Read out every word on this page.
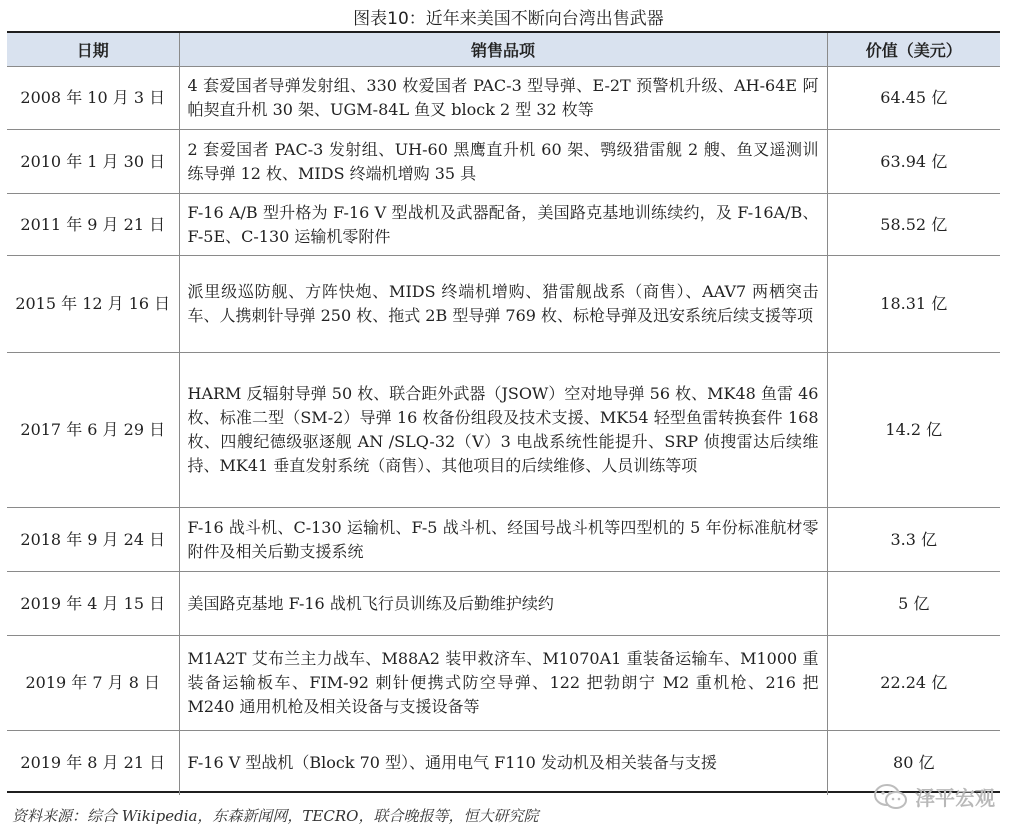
图表10：近年来美国不断向台湾出售武器
日期	销售品项	价值（美元）
2008 年 10 月 3 日	4 套爱国者导弹发射组、330 枚爱国者 PAC-3 型导弹、E-2T 预警机升级、AH-64E 阿帕契直升机 30 架、UGM-84L 鱼叉 block 2 型 32 枚等	64.45 亿
2010 年 1 月 30 日	2 套爱国者 PAC-3 发射组、UH-60 黑鹰直升机 60 架、鹗级猎雷舰 2 艘、鱼叉遥测训练导弹 12 枚、MIDS 终端机增购 35 具	63.94 亿
2011 年 9 月 21 日	F-16 A/B 型升格为 F-16 V 型战机及武器配备，美国路克基地训练续约，及 F-16A/B、F-5E、C-130 运输机零附件	58.52 亿
2015 年 12 月 16 日	派里级巡防舰、方阵快炮、MIDS 终端机增购、猎雷舰战系（商售）、AAV7 两栖突击车、人携刺针导弹 250 枚、拖式 2B 型导弹 769 枚、标枪导弹及迅安系统后续支援等项	18.31 亿
2017 年 6 月 29 日	HARM 反辐射导弹 50 枚、联合距外武器（JSOW）空对地导弹 56 枚、MK48 鱼雷 46 枚、标准二型（SM-2）导弹 16 枚备份组段及技术支援、MK54 轻型鱼雷转换套件 168 枚、四艘纪德级驱逐舰 AN /SLQ-32（V）3 电战系统性能提升、SRP 侦搜雷达后续维持、MK41 垂直发射系统（商售）、其他项目的后续维修、人员训练等项	14.2 亿
2018 年 9 月 24 日	F-16 战斗机、C-130 运输机、F-5 战斗机、经国号战斗机等四型机的 5 年份标准航材零附件及相关后勤支援系统	3.3 亿
2019 年 4 月 15 日	美国路克基地 F-16 战机飞行员训练及后勤维护续约	5 亿
2019 年 7 月 8 日	M1A2T 艾布兰主力战车、M88A2 装甲救济车、M1070A1 重装备运输车、M1000 重装备运输板车、FIM-92 刺针便携式防空导弹、122 把勃朗宁 M2 重机枪、216 把 M240 通用机枪及相关设备与支援设备等	22.24 亿
2019 年 8 月 21 日	F-16 V 型战机（Block 70 型）、通用电气 F110 发动机及相关装备与支援	80 亿
资料来源：综合 Wikipedia，东森新闻网，TECRO，联合晚报等，恒大研究院
泽平宏观
